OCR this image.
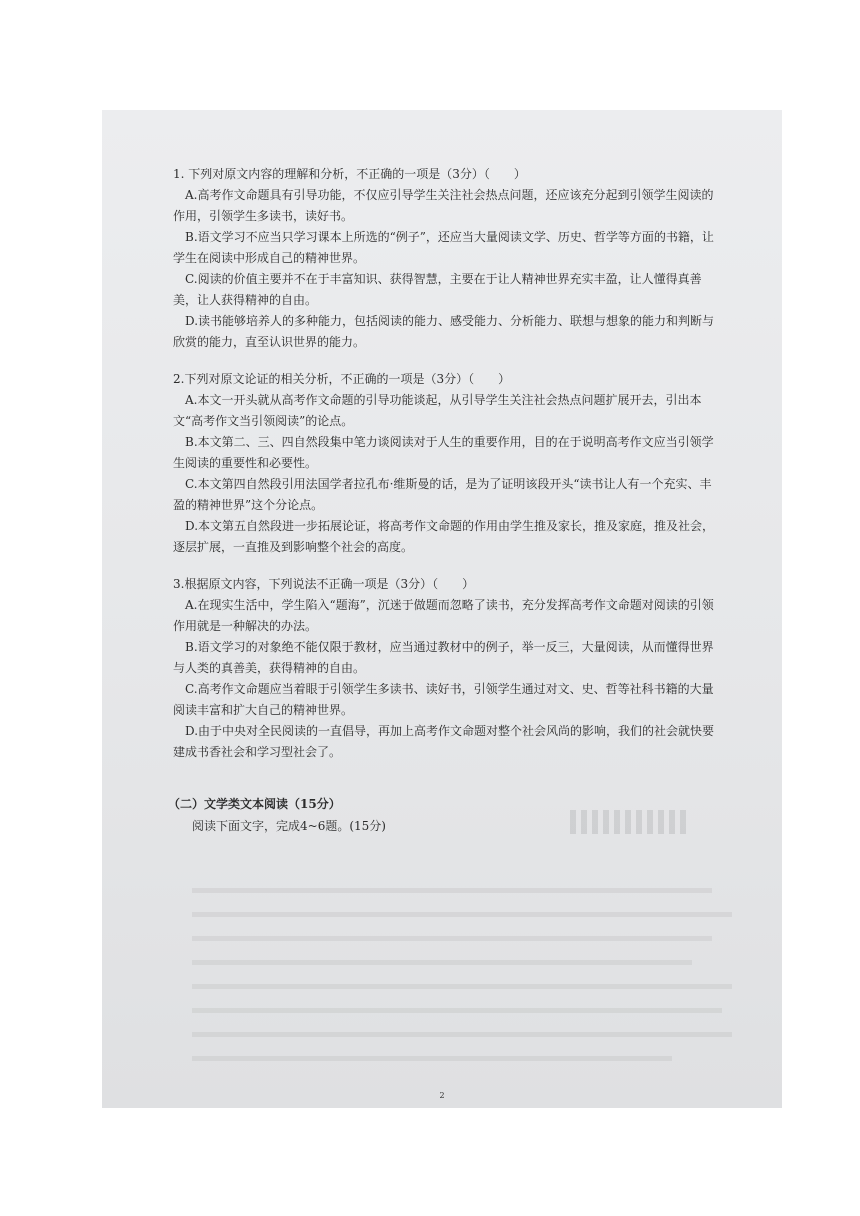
1. 下列对原文内容的理解和分析，不正确的一项是（3分）（　　）
A.高考作文命题具有引导功能，不仅应引导学生关注社会热点问题，还应该充分起到引领学生阅读的作用，引领学生多读书，读好书。
B.语文学习不应当只学习课本上所选的“例子”，还应当大量阅读文学、历史、哲学等方面的书籍，让学生在阅读中形成自己的精神世界。
C.阅读的价值主要并不在于丰富知识、获得智慧，主要在于让人精神世界充实丰盈，让人懂得真善美，让人获得精神的自由。
D.读书能够培养人的多种能力，包括阅读的能力、感受能力、分析能力、联想与想象的能力和判断与欣赏的能力，直至认识世界的能力。
2.下列对原文论证的相关分析，不正确的一项是（3分）（　　）
A.本文一开头就从高考作文命题的引导功能谈起，从引导学生关注社会热点问题扩展开去，引出本文“高考作文当引领阅读”的论点。
B.本文第二、三、四自然段集中笔力谈阅读对于人生的重要作用，目的在于说明高考作文应当引领学生阅读的重要性和必要性。
C.本文第四自然段引用法国学者拉孔布·维斯曼的话，是为了证明该段开头“读书让人有一个充实、丰盈的精神世界”这个分论点。
D.本文第五自然段进一步拓展论证，将高考作文命题的作用由学生推及家长，推及家庭，推及社会，逐层扩展，一直推及到影响整个社会的高度。
3.根据原文内容，下列说法不正确一项是（3分）（　　）
A.在现实生活中，学生陷入“题海”，沉迷于做题而忽略了读书，充分发挥高考作文命题对阅读的引领作用就是一种解决的办法。
B.语文学习的对象绝不能仅限于教材，应当通过教材中的例子，举一反三，大量阅读，从而懂得世界与人类的真善美，获得精神的自由。
C.高考作文命题应当着眼于引领学生多读书、读好书，引领学生通过对文、史、哲等社科书籍的大量阅读丰富和扩大自己的精神世界。
D.由于中央对全民阅读的一直倡导，再加上高考作文命题对整个社会风尚的影响，我们的社会就快要建成书香社会和学习型社会了。
（二）文学类文本阅读（15分）
阅读下面文字，完成4~6题。(15分)
2
